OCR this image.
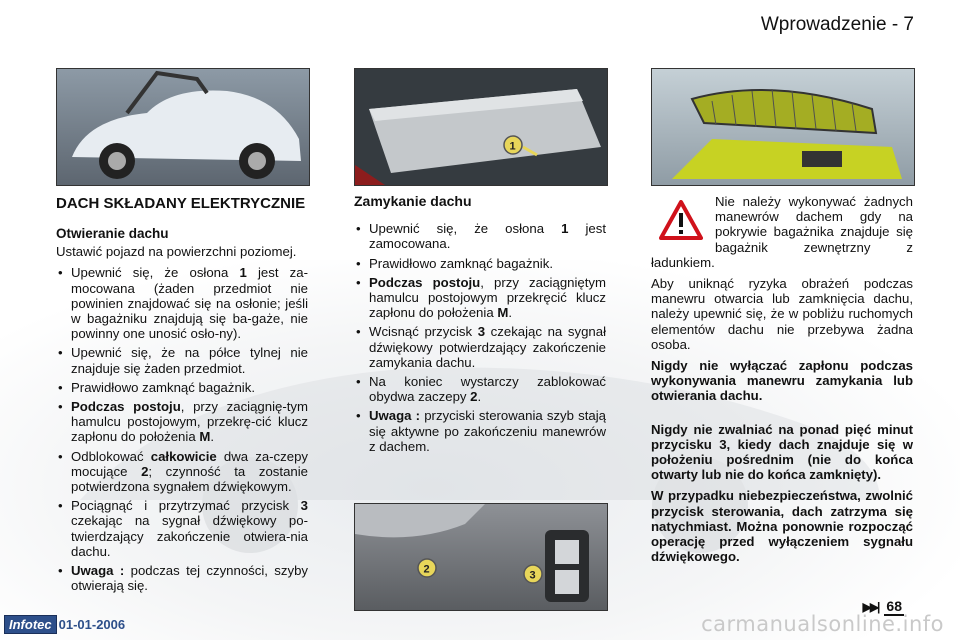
Wprowadzenie - 7
1
2	3
DACH SKŁADANY ELEKTRYCZNIE
Otwieranie dachu

Ustawić pojazd na powierzchni poziomej.

• Upewnić się, że osłona 1 jest za-mocowana (żaden przedmiot nie powinien znajdować się na osłonie; jeśli w bagażniku znajdują się ba-gaże, nie powinny one unosić osło-ny).
• Upewnić się, że na półce tylnej nie znajduje się żaden przedmiot.
• Prawidłowo zamknąć bagażnik.
• Podczas postoju, przy zaciągnię-tym hamulcu postojowym, przekrę-cić klucz zapłonu do położenia M.
• Odblokować całkowicie dwa za-czepy mocujące 2; czynność ta zostanie potwierdzona sygnałem dźwiękowym.
• Pociągnąć i przytrzymać przycisk 3 czekając na sygnał dźwiękowy po-twierdzający zakończenie otwiera-nia dachu.
• Uwaga : podczas tej czynności, szyby otwierają się.
Zamykanie dachu
• Upewnić się, że osłona 1 jest zamocowana.
• Prawidłowo zamknąć bagażnik.
• Podczas postoju, przy zaciągniętym hamulcu postojowym przekręcić klucz zapłonu do położenia M.
• Wcisnąć przycisk 3 czekając na sygnał dźwiękowy potwierdzający zakończenie zamykania dachu.
• Na koniec wystarczy zablokować obydwa zaczepy 2.
• Uwaga : przyciski sterowania szyb stają się aktywne po zakończeniu manewrów z dachem.

Nie należy wykonywać żadnych manewrów dachem gdy na pokrywie bagażnika znajduje się bagażnik zewnętrzny z ładunkiem.

Aby uniknąć ryzyka obrażeń podczas manewru otwarcia lub zamknięcia dachu, należy upewnić się, że w pobliżu ruchomych elementów dachu nie przebywa żadna osoba.

Nigdy nie wyłączać zapłonu podczas wykonywania manewru zamykania lub otwierania dachu.

Nigdy nie zwalniać na ponad pięć minut przycisku 3, kiedy dach znajduje się w położeniu pośrednim (nie do końca otwarty lub nie do końca zamknięty).

W przypadku niebezpieczeństwa, zwolnić przycisk sterowania, dach zatrzyma się natychmiast. Można ponownie rozpocząć operację przed wyłączeniem sygnału dźwiękowego.

Infotec 01-01-2006
▶▶| 68
carmanualsonline.info
